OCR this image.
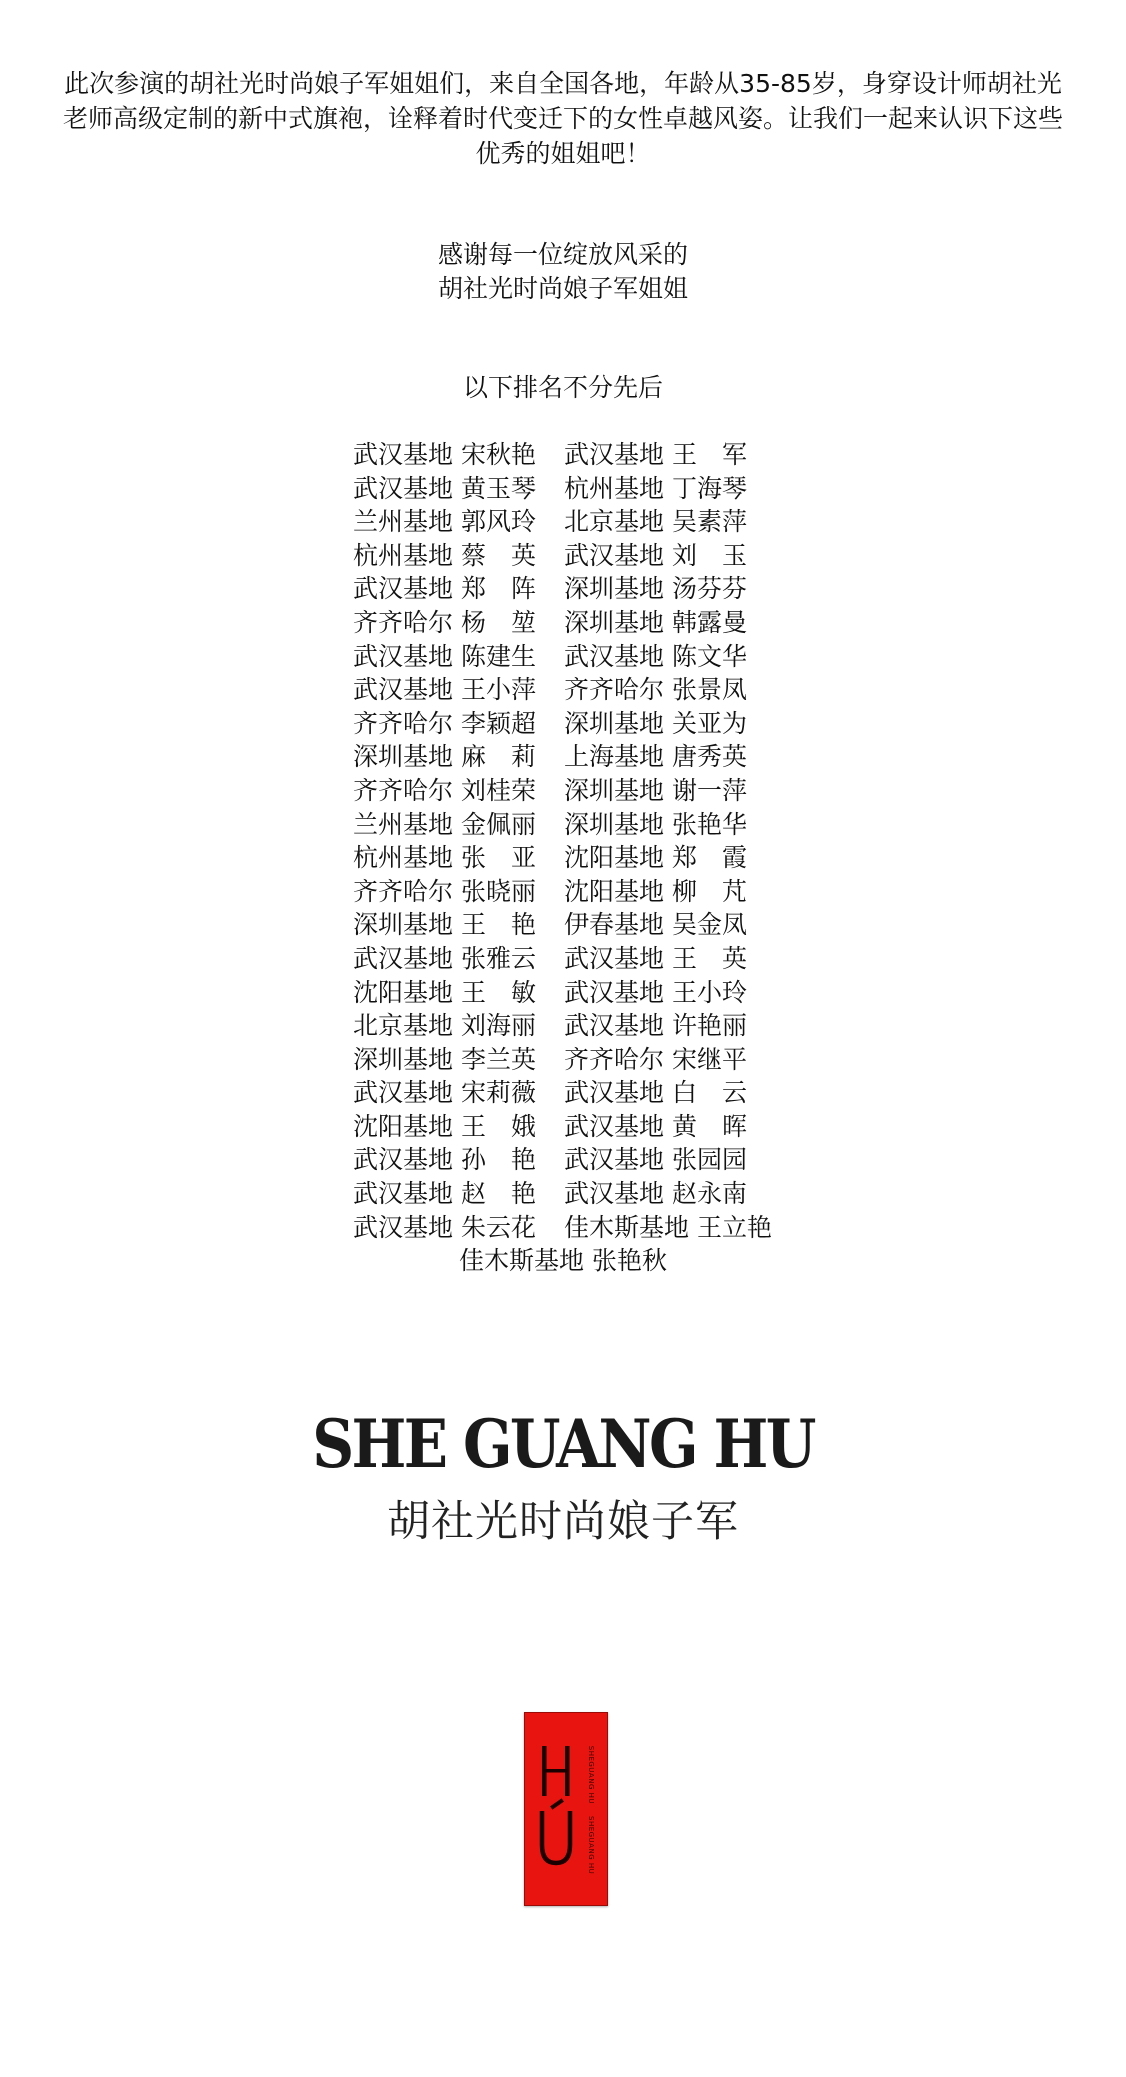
此次参演的胡社光时尚娘子军姐姐们，来自全国各地，年龄从35-85岁，身穿设计师胡社光
老师高级定制的新中式旗袍，诠释着时代变迁下的女性卓越风姿。让我们一起来认识下这些
优秀的姐姐吧！
感谢每一位绽放风采的
胡社光时尚娘子军姐姐
以下排名不分先后
武汉基地 宋秋艳	武汉基地 王　军
武汉基地 黄玉琴	杭州基地 丁海琴
兰州基地 郭风玲	北京基地 吴素萍
杭州基地 蔡　英	武汉基地 刘　玉
武汉基地 郑　阵	深圳基地 汤芬芬
齐齐哈尔 杨　堃	深圳基地 韩露曼
武汉基地 陈建生	武汉基地 陈文华
武汉基地 王小萍	齐齐哈尔 张景凤
齐齐哈尔 李颖超	深圳基地 关亚为
深圳基地 麻　莉	上海基地 唐秀英
齐齐哈尔 刘桂荣	深圳基地 谢一萍
兰州基地 金佩丽	深圳基地 张艳华
杭州基地 张　亚	沈阳基地 郑　霞
齐齐哈尔 张晓丽	沈阳基地 柳　芃
深圳基地 王　艳	伊春基地 吴金凤
武汉基地 张雅云	武汉基地 王　英
沈阳基地 王　敏	武汉基地 王小玲
北京基地 刘海丽	武汉基地 许艳丽
深圳基地 李兰英	齐齐哈尔 宋继平
武汉基地 宋莉薇	武汉基地 白　云
沈阳基地 王　娥	武汉基地 黄　晖
武汉基地 孙　艳	武汉基地 张园园
武汉基地 赵　艳	武汉基地 赵永南
武汉基地 朱云花	佳木斯基地 王立艳
佳木斯基地 张艳秋
SHE GUANG HU
胡社光时尚娘子军
SHEGUANG HUSHEGUANG HU
